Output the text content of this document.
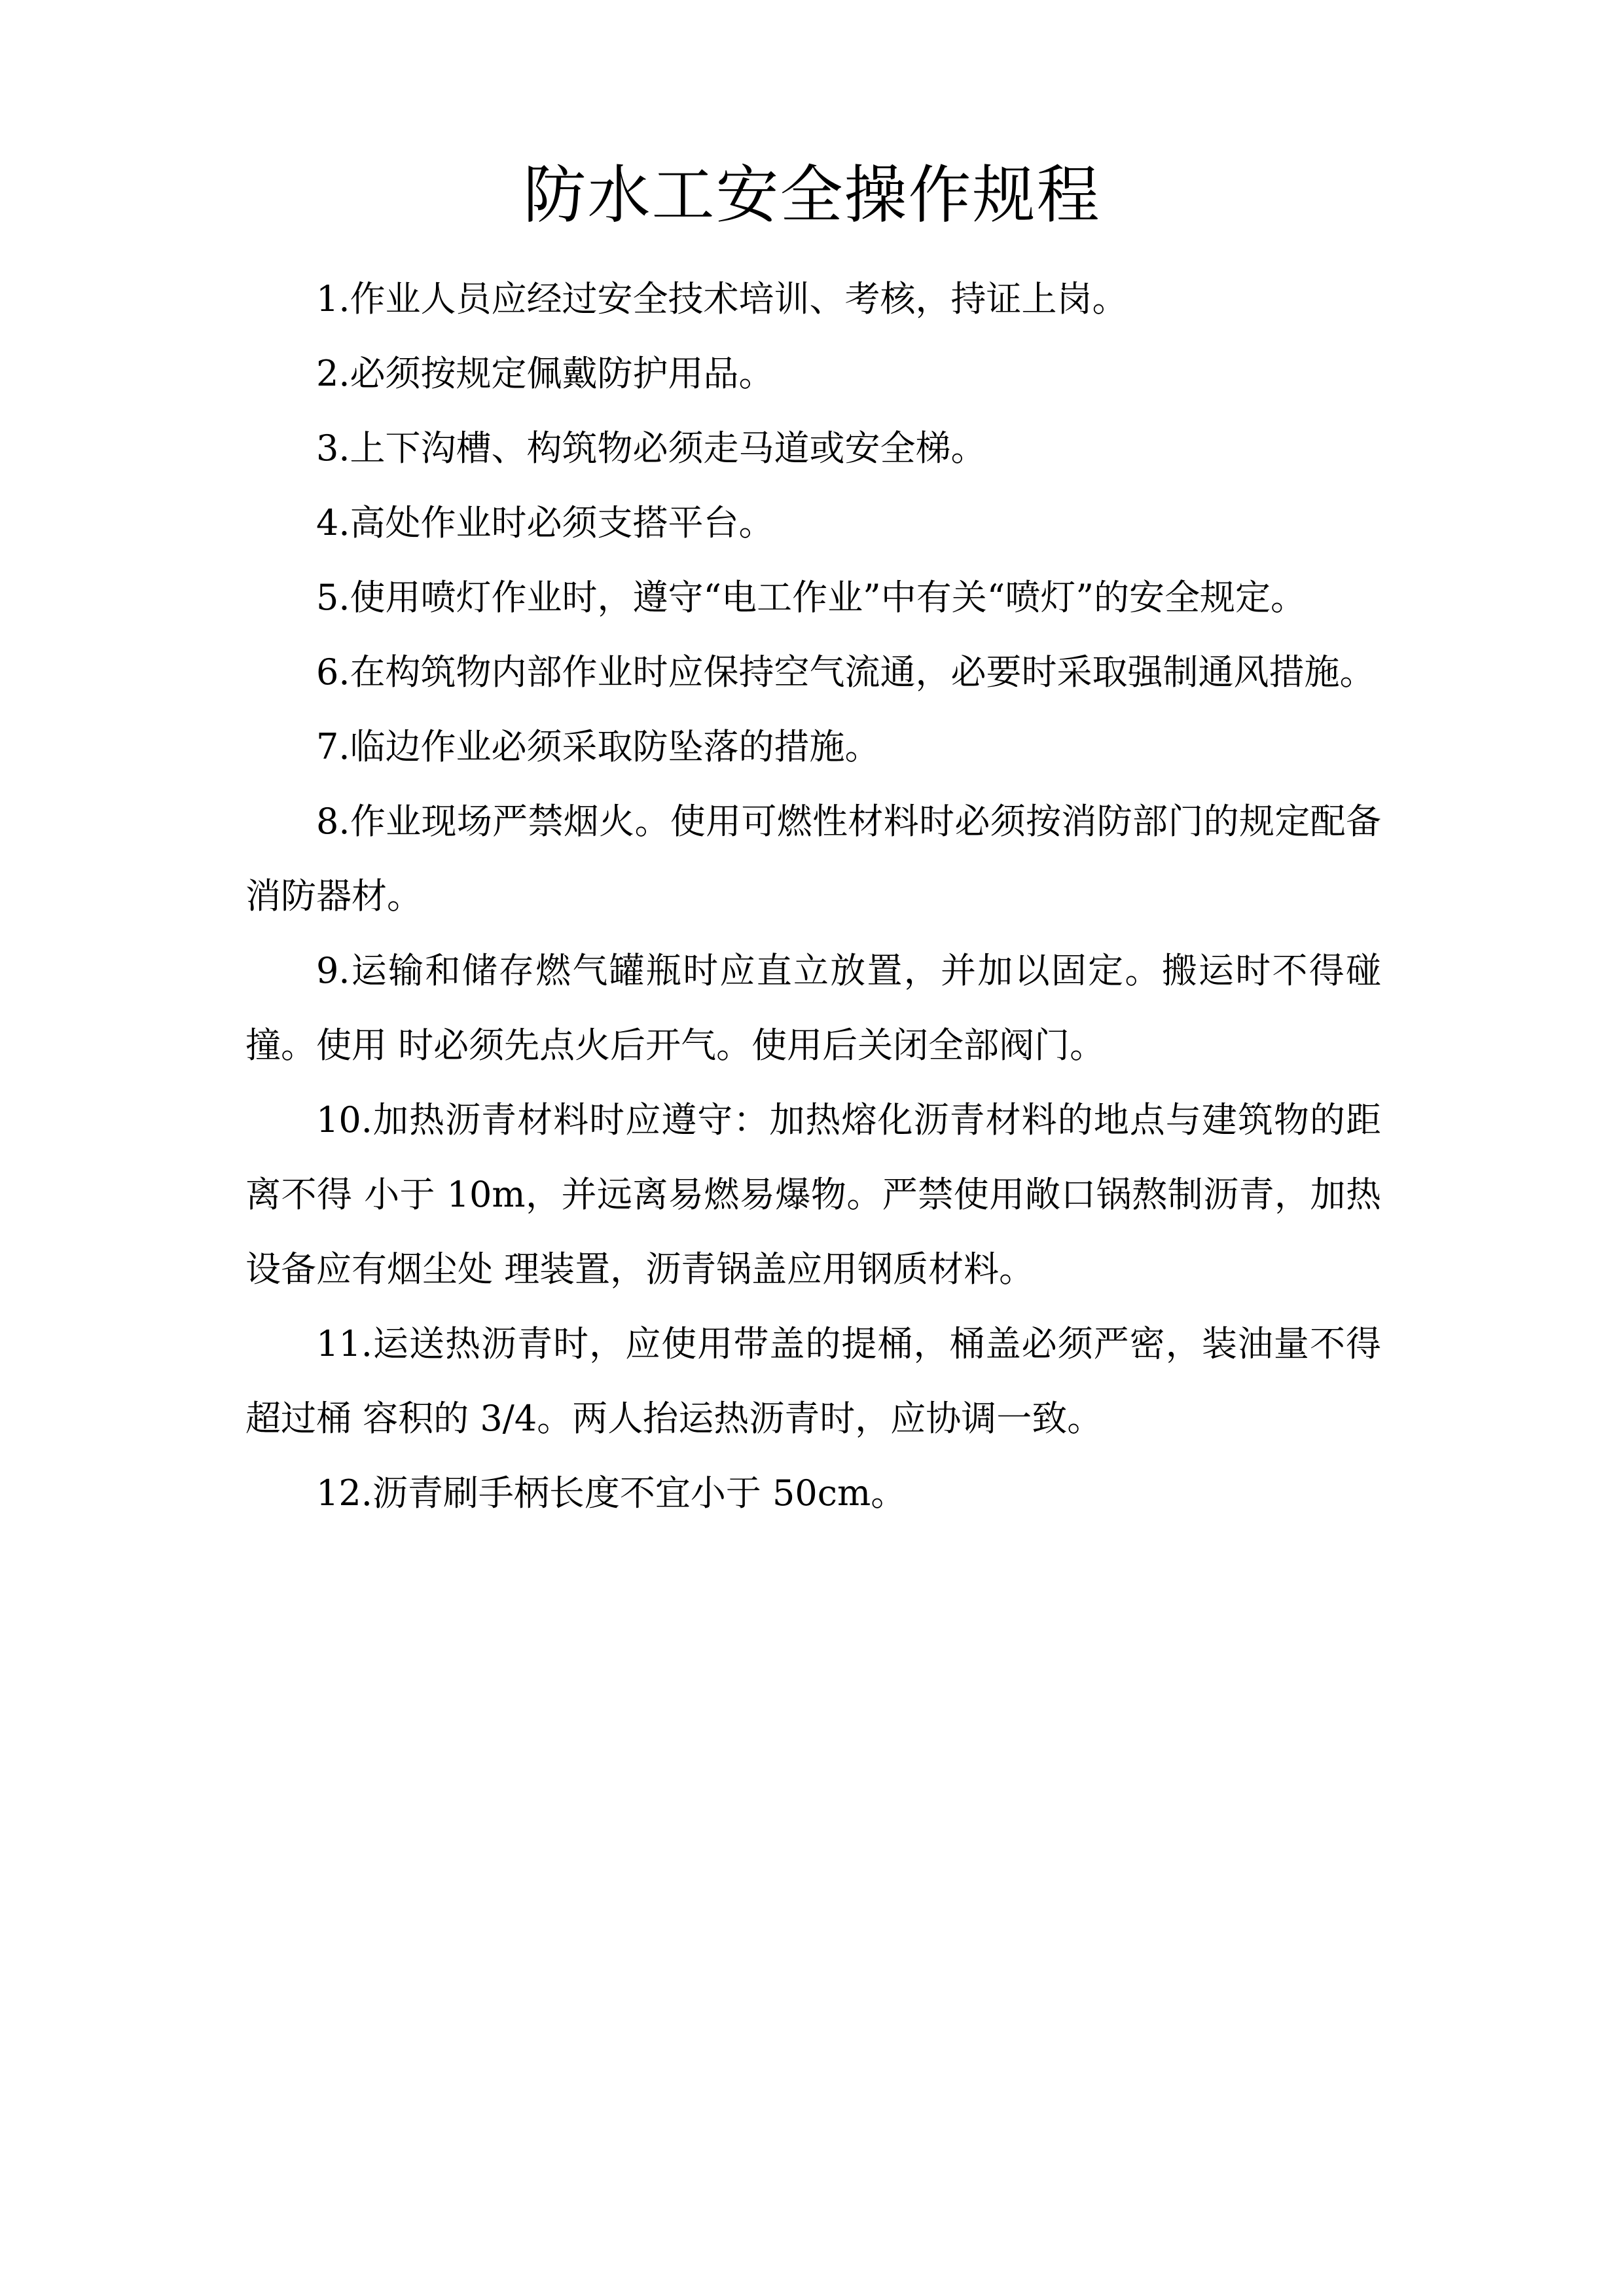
防水工安全操作规程

1.作业人员应经过安全技术培训、考核，持证上岗。

2.必须按规定佩戴防护用品。

3.上下沟槽、构筑物必须走马道或安全梯。

4.高处作业时必须支搭平台。

5.使用喷灯作业时，遵守“电工作业”中有关“喷灯”的安全规定。

6.在构筑物内部作业时应保持空气流通，必要时采取强制通风措施。

7.临边作业必须采取防坠落的措施。

8.作业现场严禁烟火。使用可燃性材料时必须按消防部门的规定配备消防器材。

9.运输和储存燃气罐瓶时应直立放置，并加以固定。搬运时不得碰撞。使用 时必须先点火后开气。使用后关闭全部阀门。

10.加热沥青材料时应遵守：加热熔化沥青材料的地点与建筑物的距离不得 小于 10m，并远离易燃易爆物。严禁使用敞口锅熬制沥青，加热设备应有烟尘处 理装置，沥青锅盖应用钢质材料。

11.运送热沥青时，应使用带盖的提桶，桶盖必须严密，装油量不得超过桶 容积的 3/4。两人抬运热沥青时，应协调一致。

12.沥青刷手柄长度不宜小于 50cm。
